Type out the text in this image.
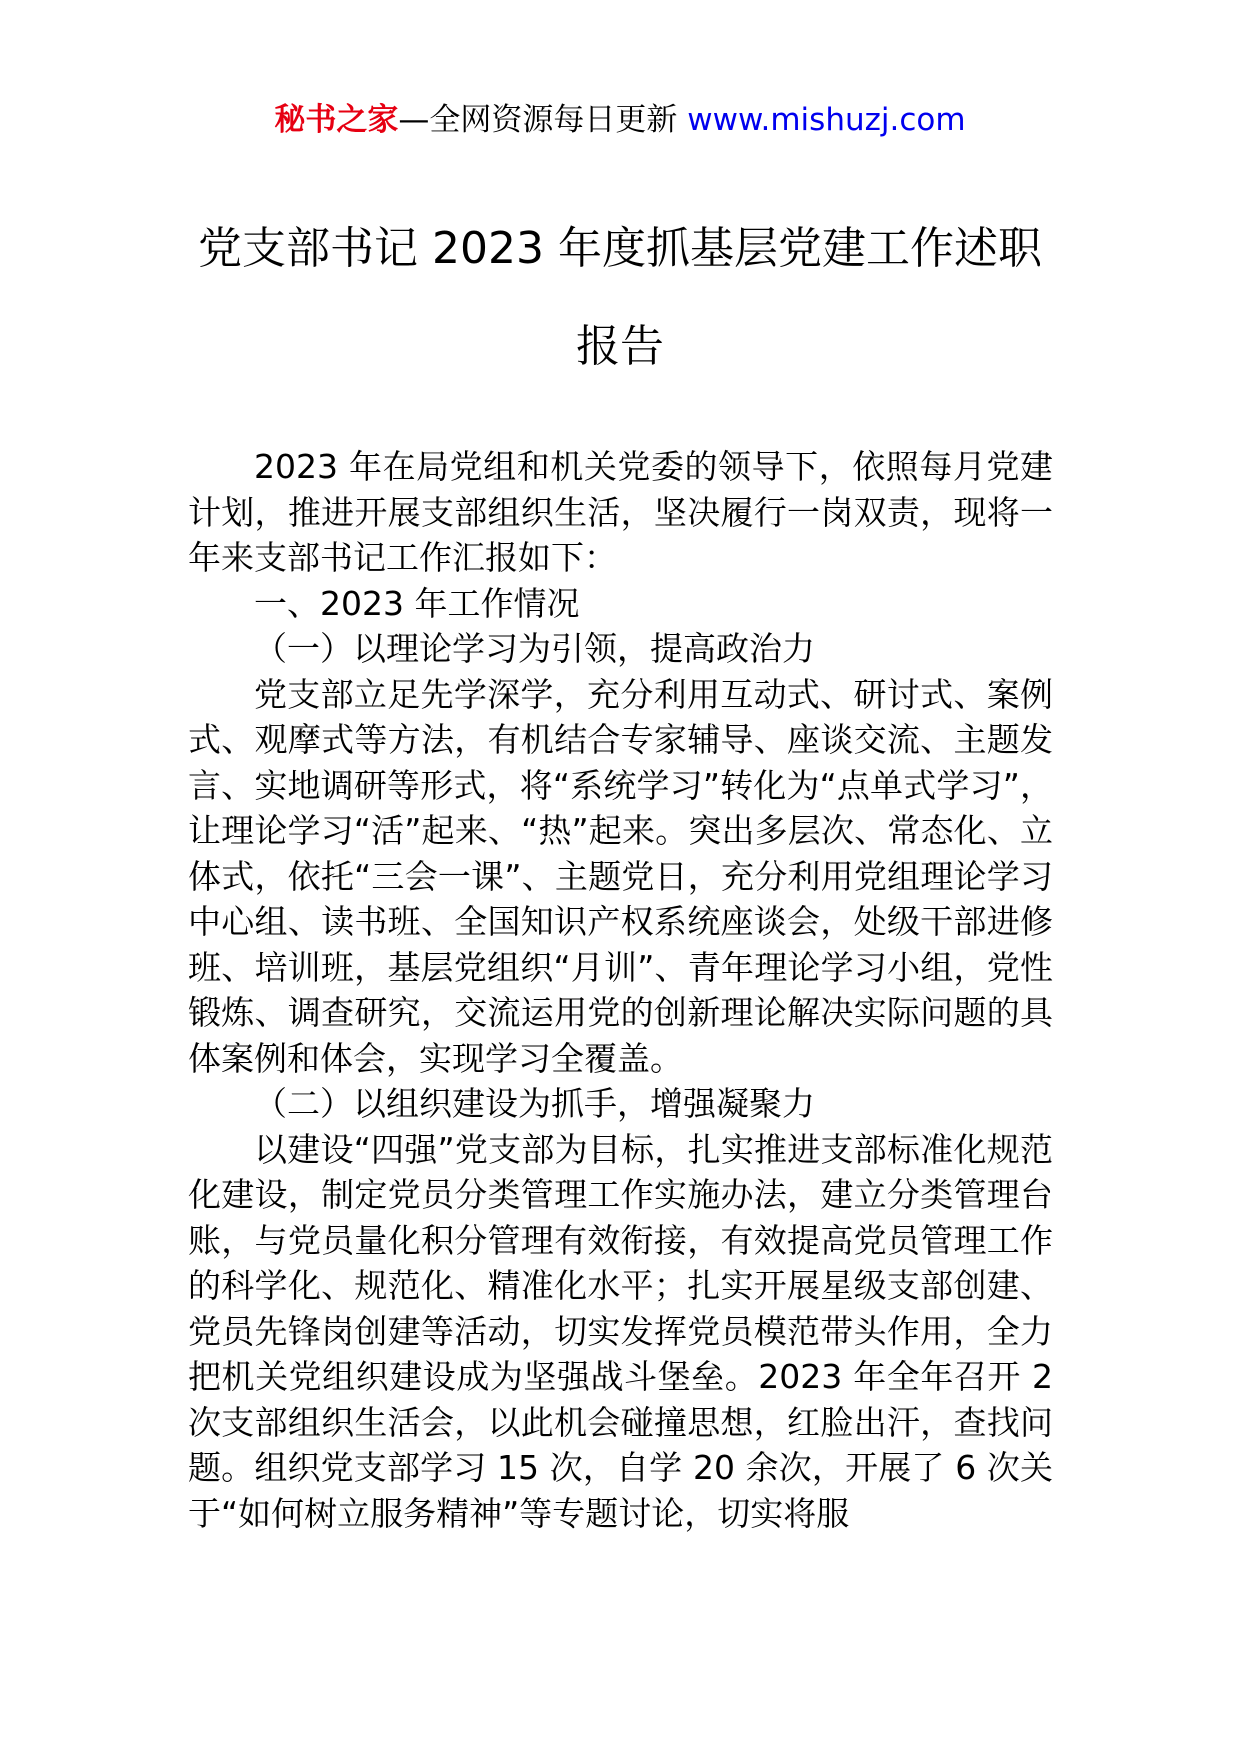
秘书之家—全网资源每日更新 www.mishuzj.com
党支部书记 2023 年度抓基层党建工作述职
报告

2023 年在局党组和机关党委的领导下，依照每月党建计划，推进开展支部组织生活，坚决履行一岗双责，现将一年来支部书记工作汇报如下：

一、2023 年工作情况

（一）以理论学习为引领，提高政治力

党支部立足先学深学，充分利用互动式、研讨式、案例式、观摩式等方法，有机结合专家辅导、座谈交流、主题发言、实地调研等形式，将“系统学习”转化为“点单式学习”，让理论学习“活”起来、“热”起来。突出多层次、常态化、立体式，依托“三会一课”、主题党日，充分利用党组理论学习中心组、读书班、全国知识产权系统座谈会，处级干部进修班、培训班，基层党组织“月训”、青年理论学习小组，党性锻炼、调查研究，交流运用党的创新理论解决实际问题的具体案例和体会，实现学习全覆盖。

（二）以组织建设为抓手，增强凝聚力

以建设“四强”党支部为目标，扎实推进支部标准化规范化建设，制定党员分类管理工作实施办法，建立分类管理台账，与党员量化积分管理有效衔接，有效提高党员管理工作的科学化、规范化、精准化水平；扎实开展星级支部创建、党员先锋岗创建等活动，切实发挥党员模范带头作用，全力把机关党组织建设成为坚强战斗堡垒。2023 年全年召开 2 次支部组织生活会，以此机会碰撞思想，红脸出汗，查找问题。组织党支部学习 15 次，自学 20 余次，开展了 6 次关于“如何树立服务精神”等专题讨论，切实将服
